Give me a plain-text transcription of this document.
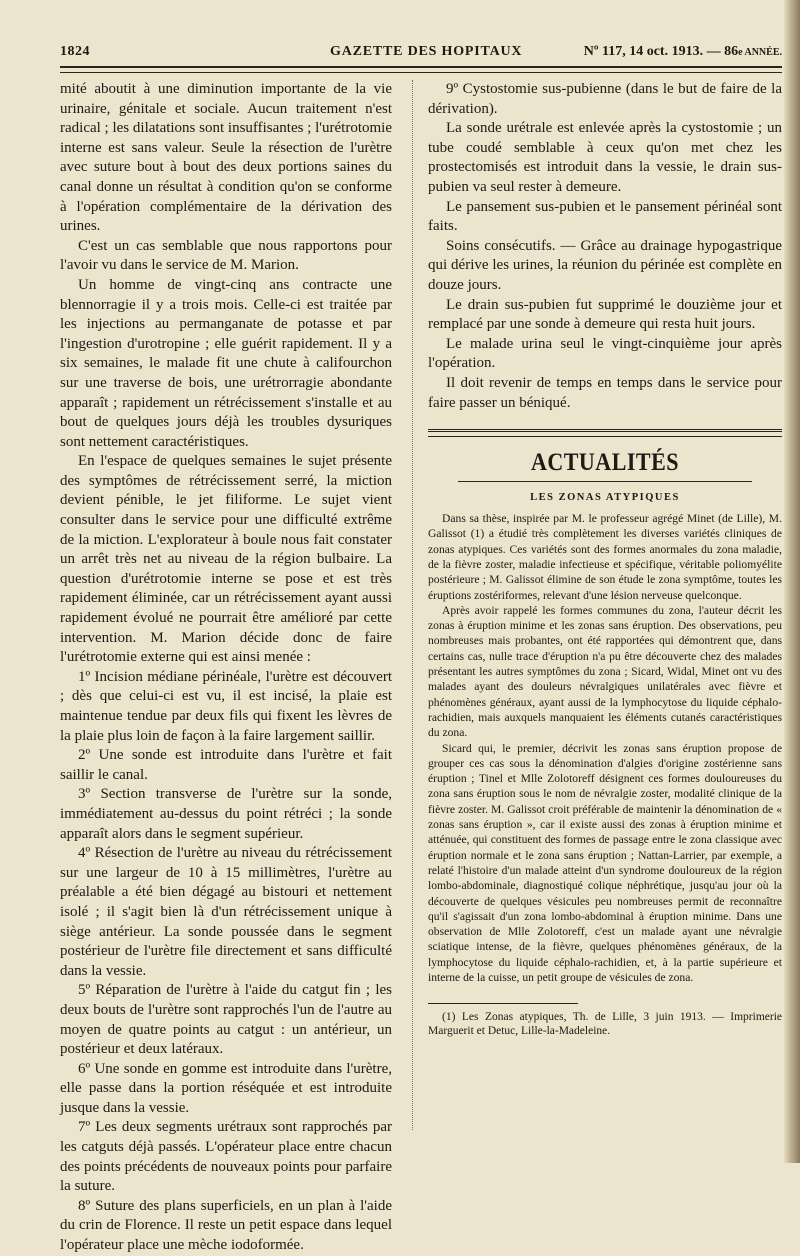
1824	GAZETTE DES HOPITAUX	Nº 117, 14 oct. 1913. — 86e ANNÉE.

mité aboutit à une diminution importante de la vie urinaire, génitale et sociale. Aucun traitement n'est radical ; les dilatations sont insuffisantes ; l'urétrotomie interne est sans valeur. Seule la résection de l'urètre avec suture bout à bout des deux portions saines du canal donne un résultat à condition qu'on se conforme à l'opération complémentaire de la dérivation des urines.

C'est un cas semblable que nous rapportons pour l'avoir vu dans le service de M. Marion.

Un homme de vingt-cinq ans contracte une blennorragie il y a trois mois. Celle-ci est traitée par les injections au permanganate de potasse et par l'ingestion d'urotropine ; elle guérit rapidement. Il y a six semaines, le malade fit une chute à califourchon sur une traverse de bois, une urétrorragie abondante apparaît ; rapidement un rétrécissement s'installe et au bout de quelques jours déjà les troubles dysuriques sont nettement caractéristiques.

En l'espace de quelques semaines le sujet présente des symptômes de rétrécissement serré, la miction devient pénible, le jet filiforme. Le sujet vient consulter dans le service pour une difficulté extrême de la miction. L'explorateur à boule nous fait constater un arrêt très net au niveau de la région bulbaire. La question d'urétrotomie interne se pose et est très rapidement éliminée, car un rétrécissement ayant aussi rapidement évolué ne pourrait être amélioré par cette intervention. M. Marion décide donc de faire l'urétrotomie externe qui est ainsi menée :

1º Incision médiane périnéale, l'urètre est découvert ; dès que celui-ci est vu, il est incisé, la plaie est maintenue tendue par deux fils qui fixent les lèvres de la plaie plus loin de façon à la faire largement saillir.

2º Une sonde est introduite dans l'urètre et fait saillir le canal.

3º Section transverse de l'urètre sur la sonde, immédiatement au-dessus du point rétréci ; la sonde apparaît alors dans le segment supérieur.

4º Résection de l'urètre au niveau du rétrécissement sur une largeur de 10 à 15 millimètres, l'urètre au préalable a été bien dégagé au bistouri et nettement isolé ; il s'agit bien là d'un rétrécissement unique à siège antérieur. La sonde poussée dans le segment postérieur de l'urètre file directement et sans difficulté dans la vessie.

5º Réparation de l'urètre à l'aide du catgut fin ; les deux bouts de l'urètre sont rapprochés l'un de l'autre au moyen de quatre points au catgut : un antérieur, un postérieur et deux latéraux.

6º Une sonde en gomme est introduite dans l'urètre, elle passe dans la portion réséquée et est introduite jusque dans la vessie.

7º Les deux segments urétraux sont rapprochés par les catguts déjà passés. L'opérateur place entre chacun des points précédents de nouveaux points pour parfaire la suture.

8º Suture des plans superficiels, en un plan à l'aide du crin de Florence. Il reste un petit espace dans lequel l'opérateur place une mèche iodoformée.

9º Cystostomie sus-pubienne (dans le but de faire de la dérivation).

La sonde urétrale est enlevée après la cystostomie ; un tube coudé semblable à ceux qu'on met chez les prostectomisés est introduit dans la vessie, le drain sus-pubien va seul rester à demeure.

Le pansement sus-pubien et le pansement périnéal sont faits.

Soins consécutifs. — Grâce au drainage hypogastrique qui dérive les urines, la réunion du périnée est complète en douze jours.

Le drain sus-pubien fut supprimé le douzième jour et remplacé par une sonde à demeure qui resta huit jours.

Le malade urina seul le vingt-cinquième jour après l'opération.

Il doit revenir de temps en temps dans le service pour faire passer un béniqué.

ACTUALITÉS
LES ZONAS ATYPIQUES

Dans sa thèse, inspirée par M. le professeur agrégé Minet (de Lille), M. Galissot (1) a étudié très complètement les diverses variétés cliniques de zonas atypiques. Ces variétés sont des formes anormales du zona maladie, de la fièvre zoster, maladie infectieuse et spécifique, véritable poliomyélite postérieure ; M. Galissot élimine de son étude le zona symptôme, toutes les éruptions zostériformes, relevant d'une lésion nerveuse quelconque.

Après avoir rappelé les formes communes du zona, l'auteur décrit les zonas à éruption minime et les zonas sans éruption. Des observations, peu nombreuses mais probantes, ont été rapportées qui démontrent que, dans certains cas, nulle trace d'éruption n'a pu être découverte chez des malades présentant les autres symptômes du zona ; Sicard, Widal, Minet ont vu des malades ayant des douleurs névralgiques unilatérales avec fièvre et phénomènes généraux, ayant aussi de la lymphocytose du liquide céphalo-rachidien, mais auxquels manquaient les éléments cutanés caractéristiques du zona.

Sicard qui, le premier, décrivit les zonas sans éruption propose de grouper ces cas sous la dénomination d'algies d'origine zostérienne sans éruption ; Tinel et Mlle Zolotoreff désignent ces formes douloureuses du zona sans éruption sous le nom de névralgie zoster, modalité clinique de la fièvre zoster. M. Galissot croit préférable de maintenir la dénomination de « zonas sans éruption », car il existe aussi des zonas à éruption minime et atténuée, qui constituent des formes de passage entre le zona classique avec éruption normale et le zona sans éruption ; Nattan-Larrier, par exemple, a relaté l'histoire d'un malade atteint d'un syndrome douloureux de la région lombo-abdominale, diagnostiqué colique néphrétique, jusqu'au jour où la découverte de quelques vésicules peu nombreuses permit de reconnaître qu'il s'agissait d'un zona lombo-abdominal à éruption minime. Dans une observation de Mlle Zolotoreff, c'est un malade ayant une névralgie sciatique intense, de la fièvre, quelques phénomènes généraux, de la lymphocytose du liquide céphalo-rachidien, et, à la partie supérieure et interne de la cuisse, un petit groupe de vésicules de zona.

(1) Les Zonas atypiques, Th. de Lille, 3 juin 1913. — Imprimerie Marguerit et Detuc, Lille-la-Madeleine.
